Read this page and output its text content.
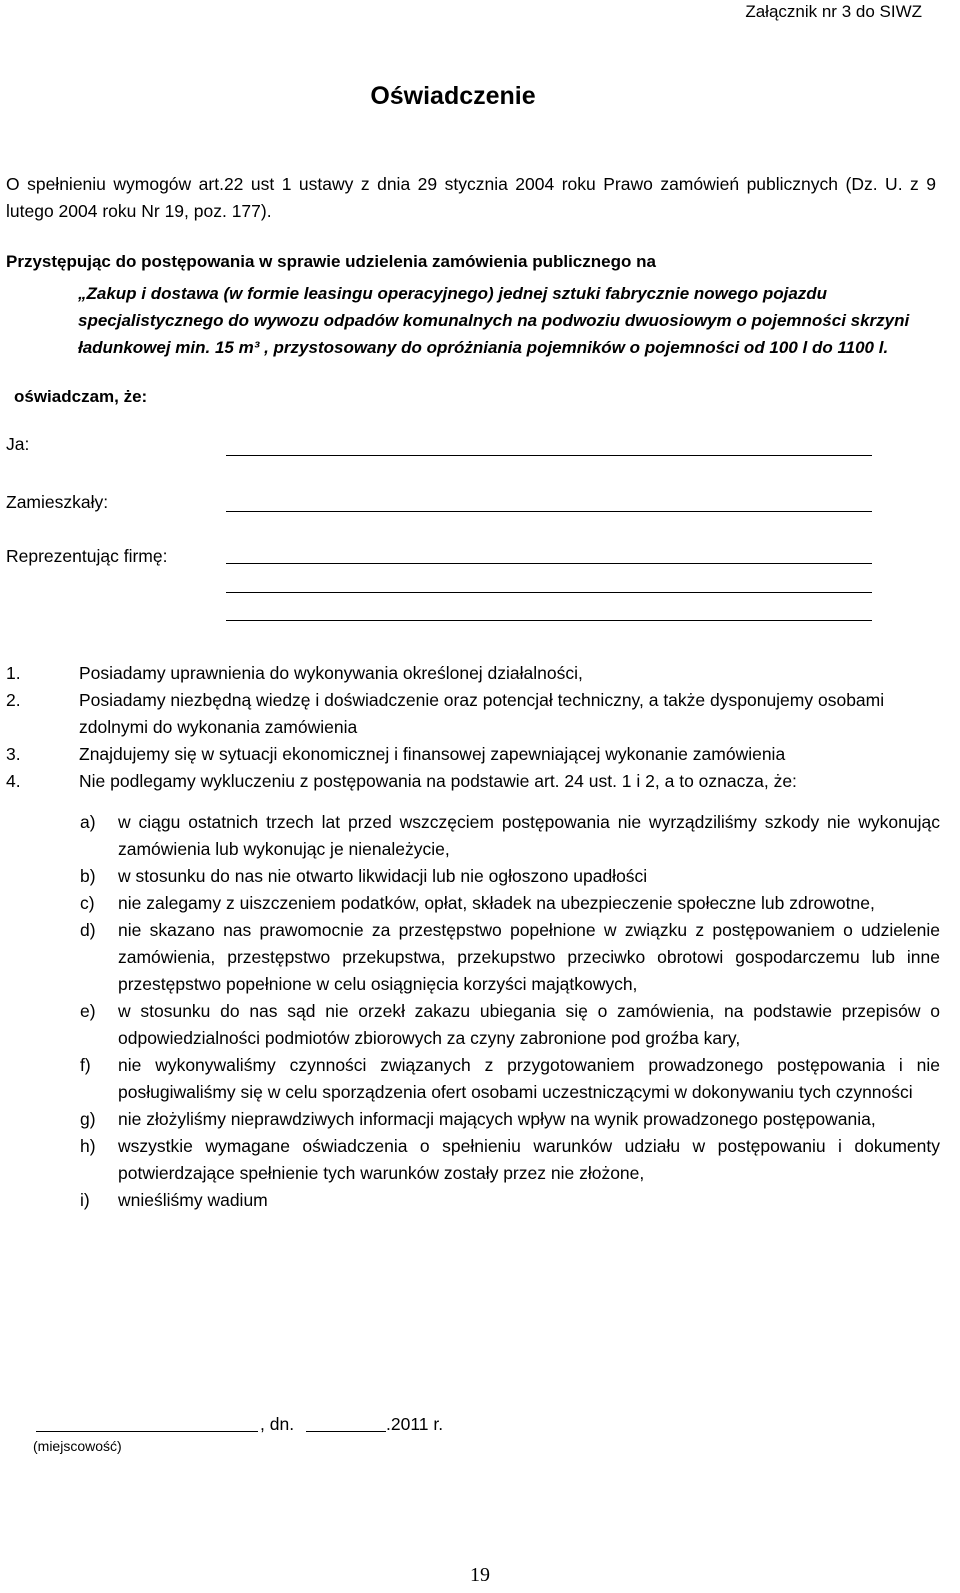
Załącznik nr 3 do SIWZ
Oświadczenie
O spełnieniu wymogów art.22 ust 1 ustawy z dnia 29 stycznia 2004 roku Prawo zamówień publicznych (Dz. U. z 9 lutego 2004 roku Nr 19, poz. 177).
Przystępując do postępowania w sprawie udzielenia zamówienia publicznego na
„Zakup i dostawa (w formie leasingu operacyjnego) jednej sztuki fabrycznie nowego pojazdu specjalistycznego do wywozu odpadów komunalnych na podwoziu dwuosiowym o pojemności skrzyni ładunkowej min. 15 m³ , przystosowany do opróżniania pojemników o pojemności od 100 l do 1100 l.
oświadczam, że:
Ja:
Zamieszkały:
Reprezentując firmę:
1.	Posiadamy uprawnienia do wykonywania określonej działalności,
2.	Posiadamy niezbędną wiedzę i doświadczenie oraz potencjał techniczny, a także dysponujemy osobami zdolnymi do wykonania zamówienia
3.	Znajdujemy się w sytuacji ekonomicznej i finansowej zapewniającej wykonanie zamówienia
4.	Nie podlegamy wykluczeniu z postępowania na podstawie art. 24 ust. 1 i 2, a to oznacza, że:
a)	w ciągu ostatnich trzech lat przed wszczęciem postępowania nie wyrządziliśmy szkody nie wykonując zamówienia lub wykonując je nienależycie,
b)	w stosunku do nas nie otwarto likwidacji lub nie ogłoszono upadłości
c)	nie zalegamy z uiszczeniem podatków, opłat, składek na ubezpieczenie społeczne lub zdrowotne,
d)	nie skazano nas prawomocnie za przestępstwo popełnione w związku z postępowaniem o udzielenie zamówienia, przestępstwo przekupstwa, przekupstwo przeciwko obrotowi gospodarczemu lub inne przestępstwo popełnione w celu osiągnięcia korzyści majątkowych,
e)	w stosunku do nas sąd nie orzekł zakazu ubiegania się o zamówienia, na podstawie przepisów o odpowiedzialności podmiotów zbiorowych za czyny zabronione pod groźba kary,
f)	nie wykonywaliśmy czynności związanych z przygotowaniem prowadzonego postępowania i nie posługiwaliśmy się w celu sporządzenia ofert osobami uczestniczącymi w dokonywaniu tych czynności
g)	nie złożyliśmy nieprawdziwych informacji mających wpływ na wynik prowadzonego postępowania,
h)	wszystkie wymagane oświadczenia o spełnieniu warunków udziału w postępowaniu i dokumenty potwierdzające spełnienie tych warunków zostały przez nie złożone,
i)	wnieśliśmy wadium
, dn.	.2011 r.
(miejscowość)
19
